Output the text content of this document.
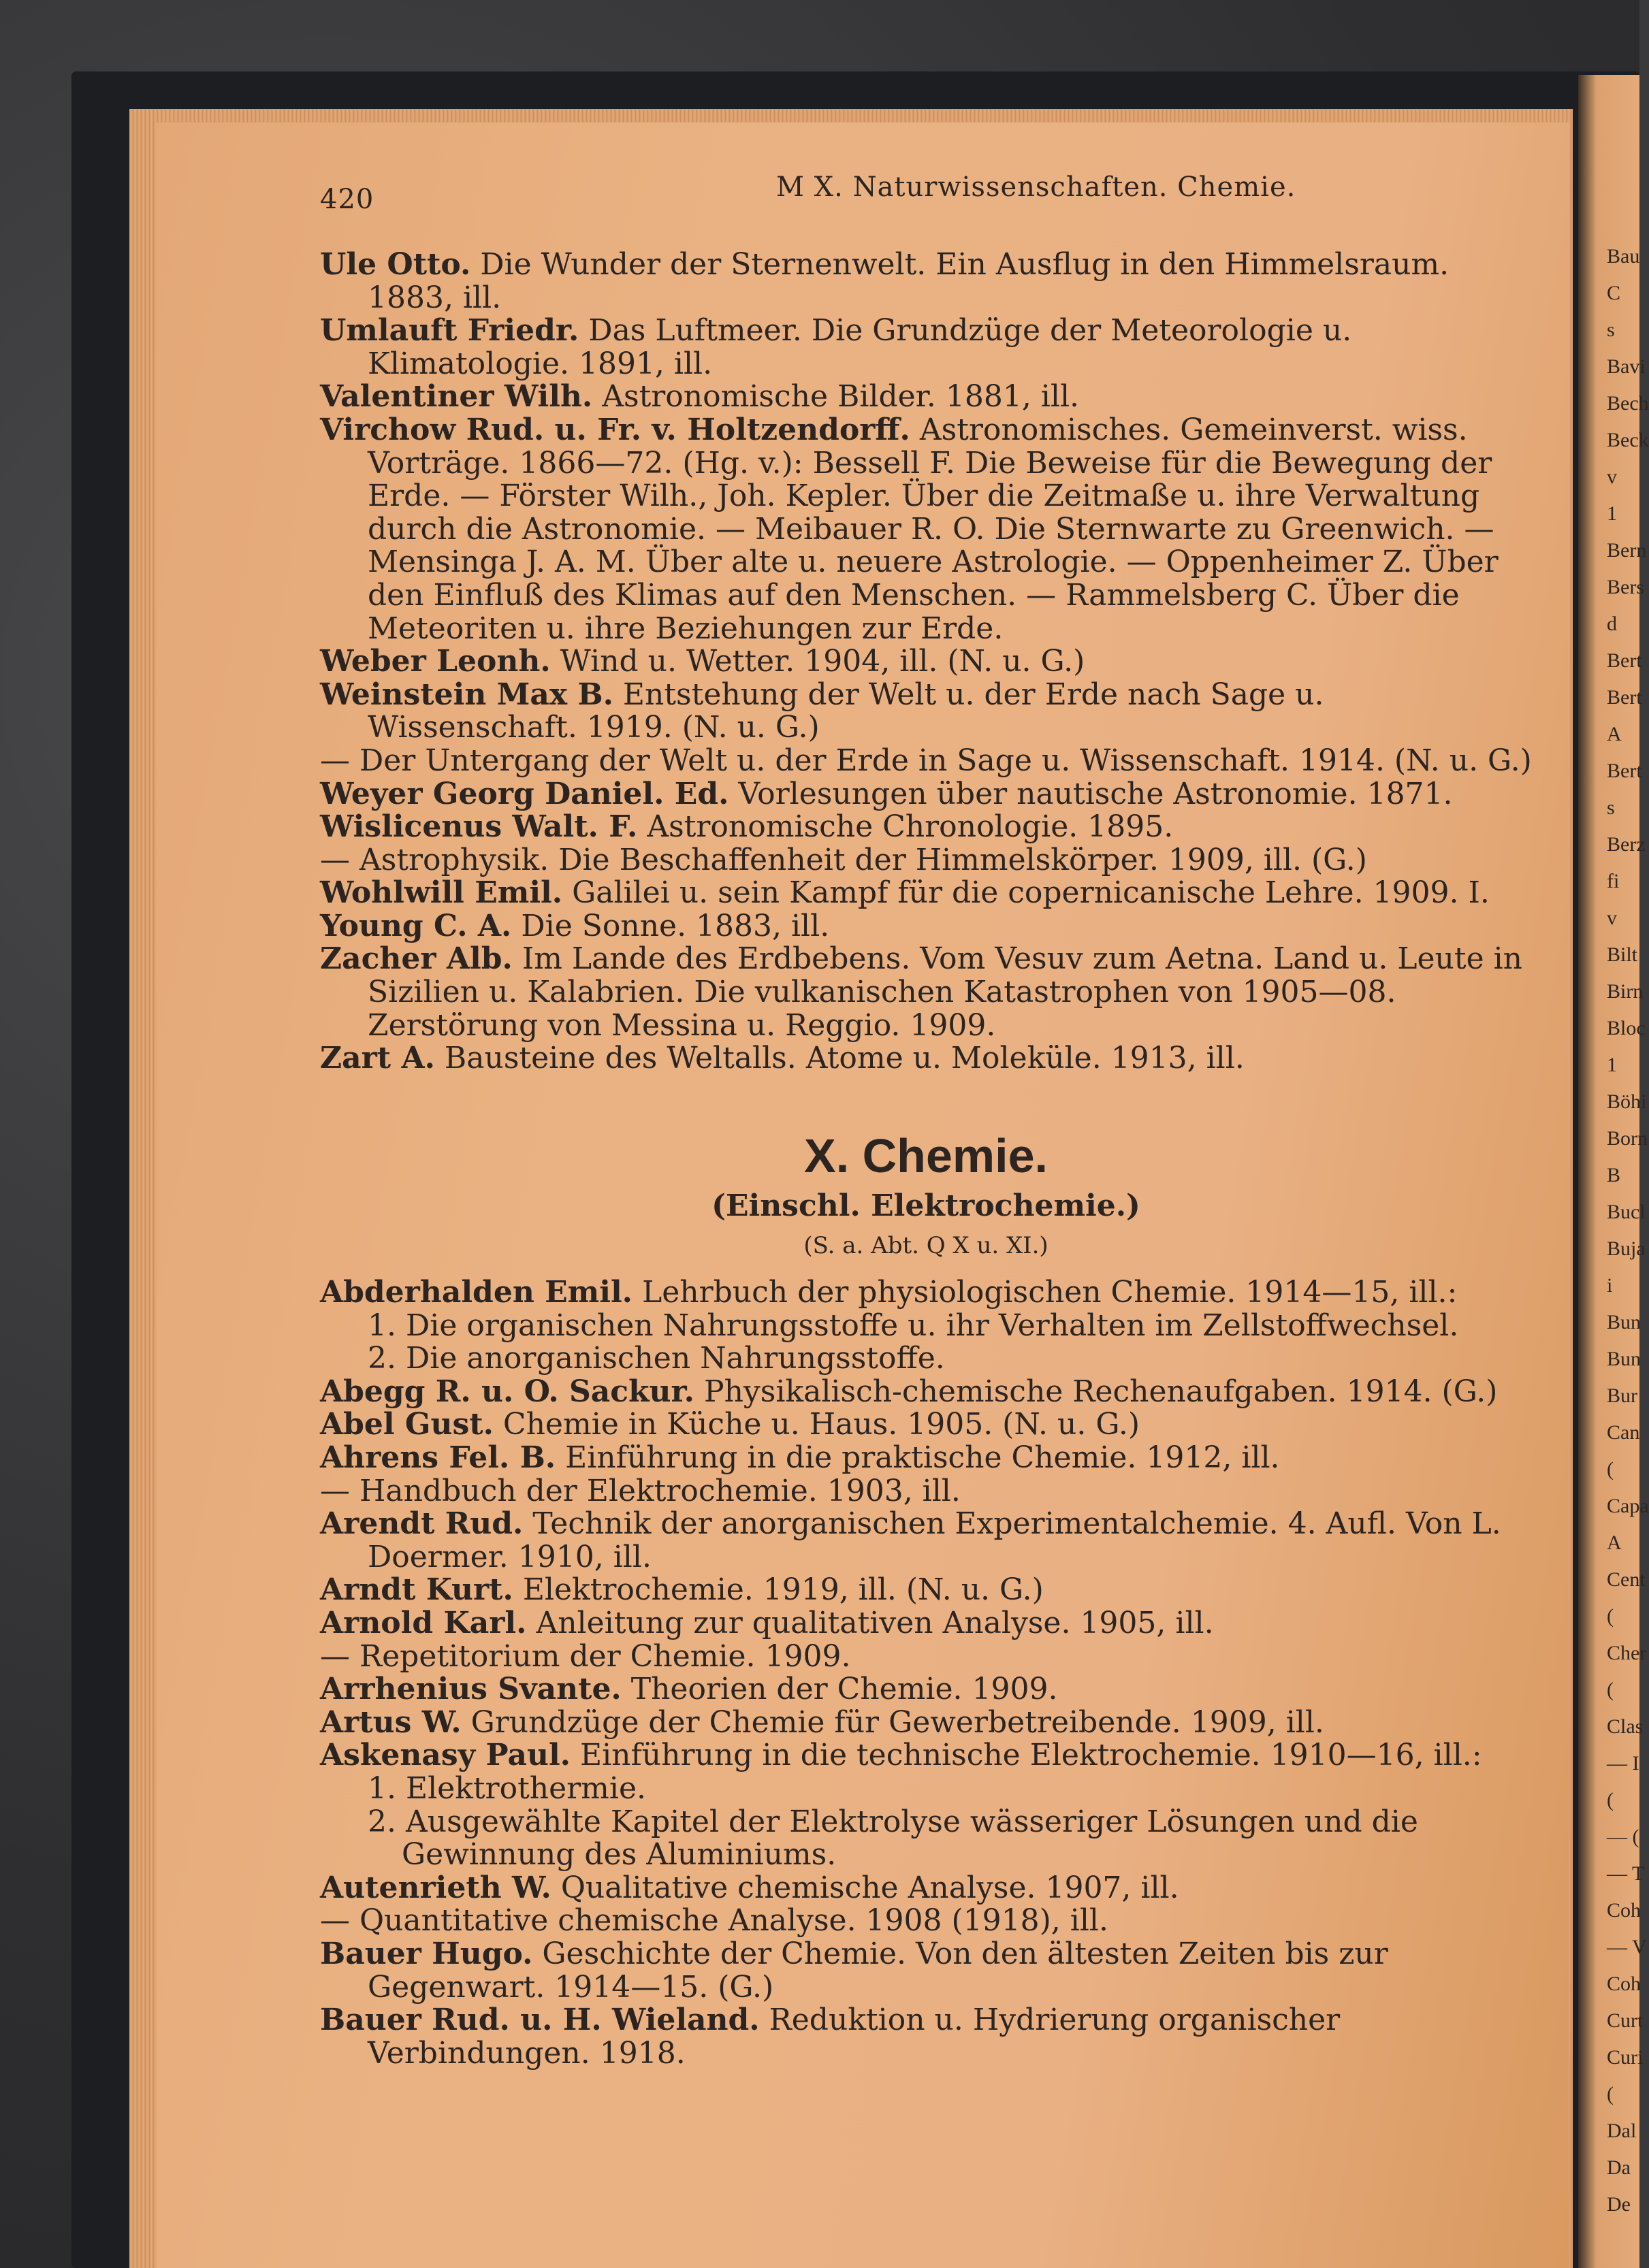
Bau
C
s
Bavi
Bech
Beck
v
1
Bern
Bers
d
Bert
Bert
A
Bert
s
Berz
fi
v
Bilt
Birn
Bloc
1
Böhi
Born
B
Bucl
Buja
i
Bun
Bun
Bur
Can
(
Capa
A
Cent
(
Cher
(
Clas
— I
(
— (
— T
Coh
— V
Coh
Curt
Curi
(
Dal
Da
De
420	M X. Naturwissenschaften. Chemie.
Ule Otto. Die Wunder der Sternenwelt. Ein Ausflug in den Himmelsraum. 1883, ill.
Umlauft Friedr. Das Luftmeer. Die Grundzüge der Meteorologie u. Klimatologie. 1891, ill.
Valentiner Wilh. Astronomische Bilder. 1881, ill.
Virchow Rud. u. Fr. v. Holtzendorff. Astronomisches. Gemeinverst. wiss. Vorträge. 1866—72. (Hg. v.): Bessell F. Die Beweise für die Bewegung der Erde. — Förster Wilh., Joh. Kepler. Über die Zeitmaße u. ihre Verwaltung durch die Astronomie. — Meibauer R. O. Die Sternwarte zu Greenwich. — Mensinga J. A. M. Über alte u. neuere Astrologie. — Oppenheimer Z. Über den Einfluß des Klimas auf den Menschen. — Rammelsberg C. Über die Meteoriten u. ihre Beziehungen zur Erde.
Weber Leonh. Wind u. Wetter. 1904, ill. (N. u. G.)
Weinstein Max B. Entstehung der Welt u. der Erde nach Sage u. Wissenschaft. 1919. (N. u. G.)
— Der Untergang der Welt u. der Erde in Sage u. Wissenschaft. 1914. (N. u. G.)
Weyer Georg Daniel. Ed. Vorlesungen über nautische Astronomie. 1871.
Wislicenus Walt. F. Astronomische Chronologie. 1895.
— Astrophysik. Die Beschaffenheit der Himmelskörper. 1909, ill. (G.)
Wohlwill Emil. Galilei u. sein Kampf für die copernicanische Lehre. 1909. I.
Young C. A. Die Sonne. 1883, ill.
Zacher Alb. Im Lande des Erdbebens. Vom Vesuv zum Aetna. Land u. Leute in Sizilien u. Kalabrien. Die vulkanischen Katastrophen von 1905—08. Zerstörung von Messina u. Reggio. 1909.
Zart A. Bausteine des Weltalls. Atome u. Moleküle. 1913, ill.
X. Chemie.
(Einschl. Elektrochemie.)
(S. a. Abt. Q X u. XI.)
Abderhalden Emil. Lehrbuch der physiologischen Chemie. 1914—15, ill.:
1. Die organischen Nahrungsstoffe u. ihr Verhalten im Zellstoffwechsel.
2. Die anorganischen Nahrungsstoffe.
Abegg R. u. O. Sackur. Physikalisch-chemische Rechenaufgaben. 1914. (G.)
Abel Gust. Chemie in Küche u. Haus. 1905. (N. u. G.)
Ahrens Fel. B. Einführung in die praktische Chemie. 1912, ill.
— Handbuch der Elektrochemie. 1903, ill.
Arendt Rud. Technik der anorganischen Experimentalchemie. 4. Aufl. Von L. Doermer. 1910, ill.
Arndt Kurt. Elektrochemie. 1919, ill. (N. u. G.)
Arnold Karl. Anleitung zur qualitativen Analyse. 1905, ill.
— Repetitorium der Chemie. 1909.
Arrhenius Svante. Theorien der Chemie. 1909.
Artus W. Grundzüge der Chemie für Gewerbetreibende. 1909, ill.
Askenasy Paul. Einführung in die technische Elektrochemie. 1910—16, ill.:
1. Elektrothermie.
2. Ausgewählte Kapitel der Elektrolyse wässeriger Lösungen und die Gewinnung des Aluminiums.
Autenrieth W. Qualitative chemische Analyse. 1907, ill.
— Quantitative chemische Analyse. 1908 (1918), ill.
Bauer Hugo. Geschichte der Chemie. Von den ältesten Zeiten bis zur Gegenwart. 1914—15. (G.)
Bauer Rud. u. H. Wieland. Reduktion u. Hydrierung organischer Verbindungen. 1918.
